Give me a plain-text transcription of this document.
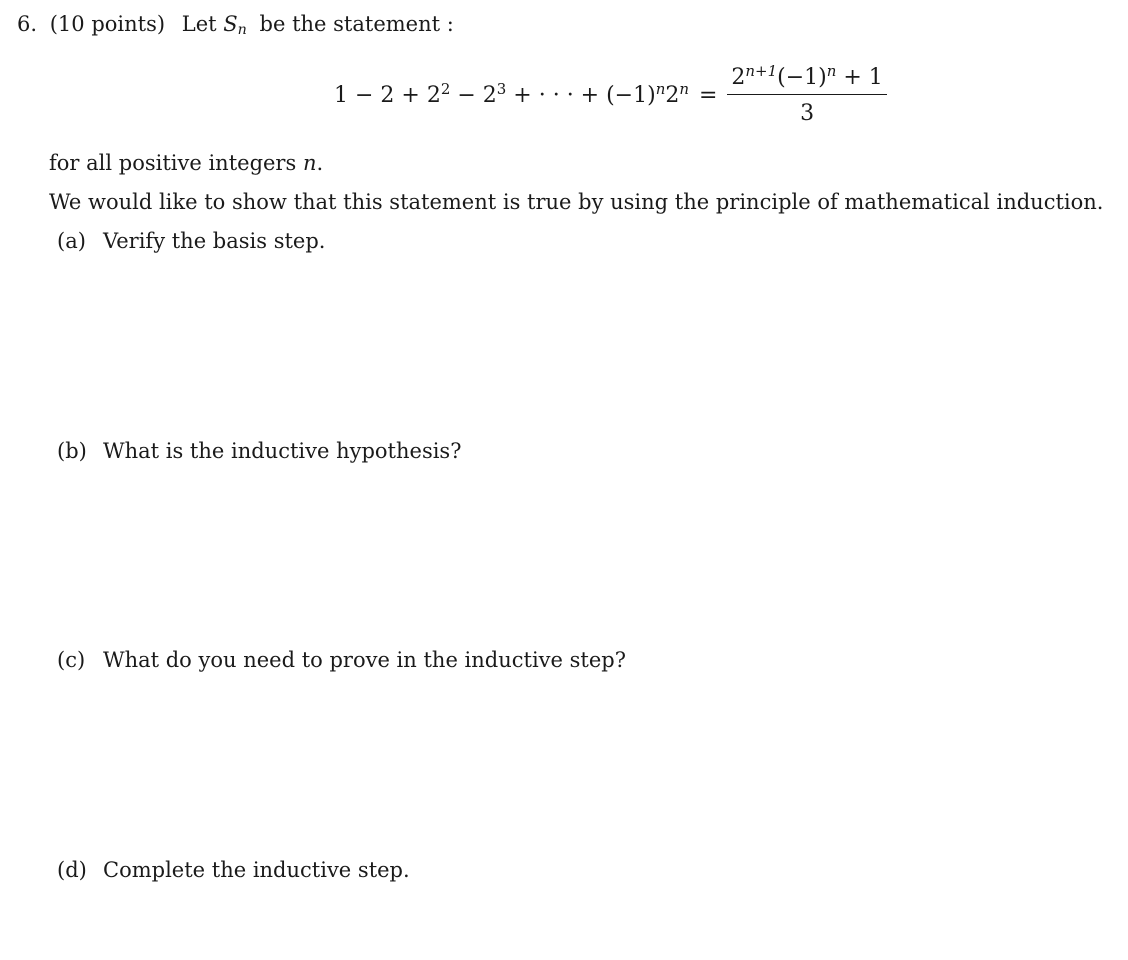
6. (10 points) Let $S_n$ be the statement :
$1 - 2 + 2^2 - 2^3$ + · · · + $(-1)^n2^n = \frac{2^{n+1}(-1)^n + 1}{3}$
for all positive integers n.
We would like to show that this statement is true by using the principle of mathematical induction.
(a) Verify the basis step.
(b) What is the inductive hypothesis?
(c) What do you need to prove in the inductive step?
(d) Complete the inductive step.
